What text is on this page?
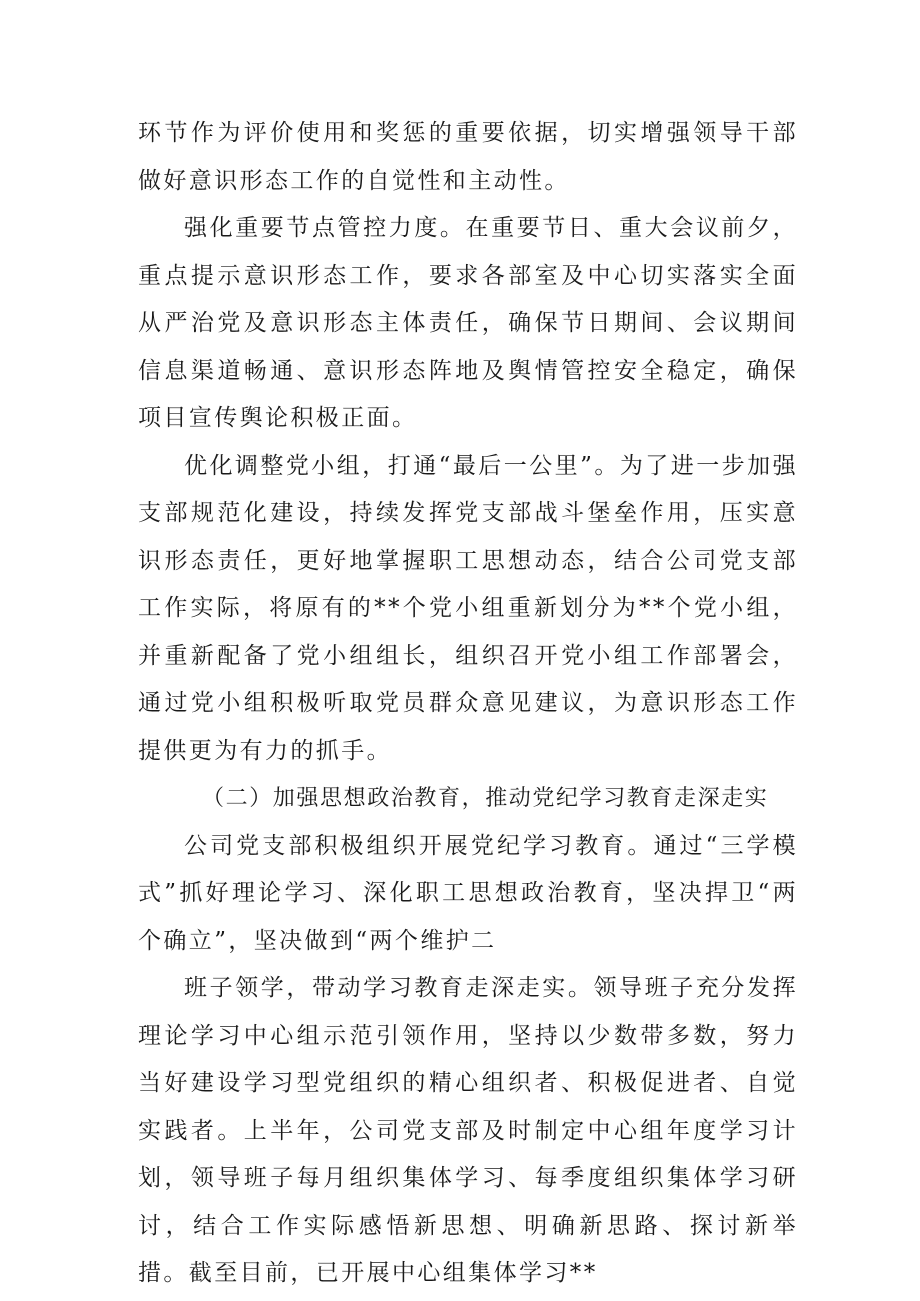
环节作为评价使用和奖惩的重要依据，切实增强领导干部做好意识形态工作的自觉性和主动性。

强化重要节点管控力度。在重要节日、重大会议前夕，重点提示意识形态工作，要求各部室及中心切实落实全面从严治党及意识形态主体责任，确保节日期间、会议期间信息渠道畅通、意识形态阵地及舆情管控安全稳定，确保项目宣传舆论积极正面。

优化调整党小组，打通“最后一公里”。为了进一步加强支部规范化建设，持续发挥党支部战斗堡垒作用，压实意识形态责任，更好地掌握职工思想动态，结合公司党支部工作实际，将原有的**个党小组重新划分为**个党小组，并重新配备了党小组组长，组织召开党小组工作部署会，通过党小组积极听取党员群众意见建议，为意识形态工作提供更为有力的抓手。

（二）加强思想政治教育，推动党纪学习教育走深走实

公司党支部积极组织开展党纪学习教育。通过“三学模式”抓好理论学习、深化职工思想政治教育，坚决捍卫“两个确立”，坚决做到“两个维护二

班子领学，带动学习教育走深走实。领导班子充分发挥理论学习中心组示范引领作用，坚持以少数带多数，努力当好建设学习型党组织的精心组织者、积极促进者、自觉实践者。上半年，公司党支部及时制定中心组年度学习计划，领导班子每月组织集体学习、每季度组织集体学习研讨，结合工作实际感悟新思想、明确新思路、探讨新举措。截至目前，已开展中心组集体学习**
